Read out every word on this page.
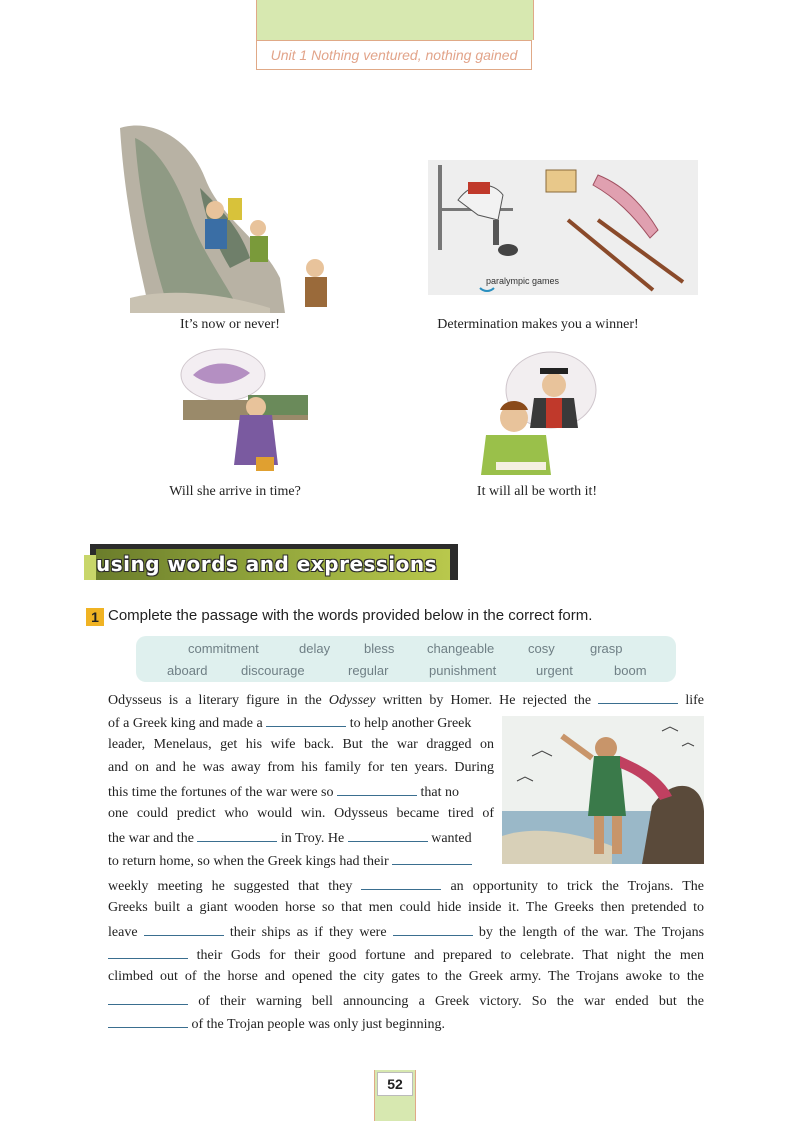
Unit 1 Nothing ventured, nothing gained
It’s now or never!
paralympic games
Determination makes you a winner!
Will she arrive in time?	It will all be worth it!
using words and expressions
1 Complete the passage with the words provided below in the correct form.
commitment	delay	bless	changeable	cosy	grasp
aboard	discourage	regular	punishment	urgent	boom
Odysseus is a literary figure in the Odyssey written by Homer. He rejected the	life
of a Greek king and made a	to help another Greek
leader, Menelaus, get his wife back. But the war dragged on
and on and he was away from his family for ten years. During
this time the fortunes of the war were so	that no
one could predict who would win. Odysseus became tired of
the war and the	in Troy. He	wanted
to return home, so when the Greek kings had their
weekly meeting he suggested that they	an opportunity to trick the Trojans. The
Greeks built a giant wooden horse so that men could hide inside it. The Greeks then pretended to
leave	their ships as if they were	by the length of the war. The Trojans
their Gods for their good fortune and prepared to celebrate. That night the men
climbed out of the horse and opened the city gates to the Greek army. The Trojans awoke to the
of their warning bell announcing a Greek victory. So the war ended but the
of the Trojan people was only just beginning.
52
